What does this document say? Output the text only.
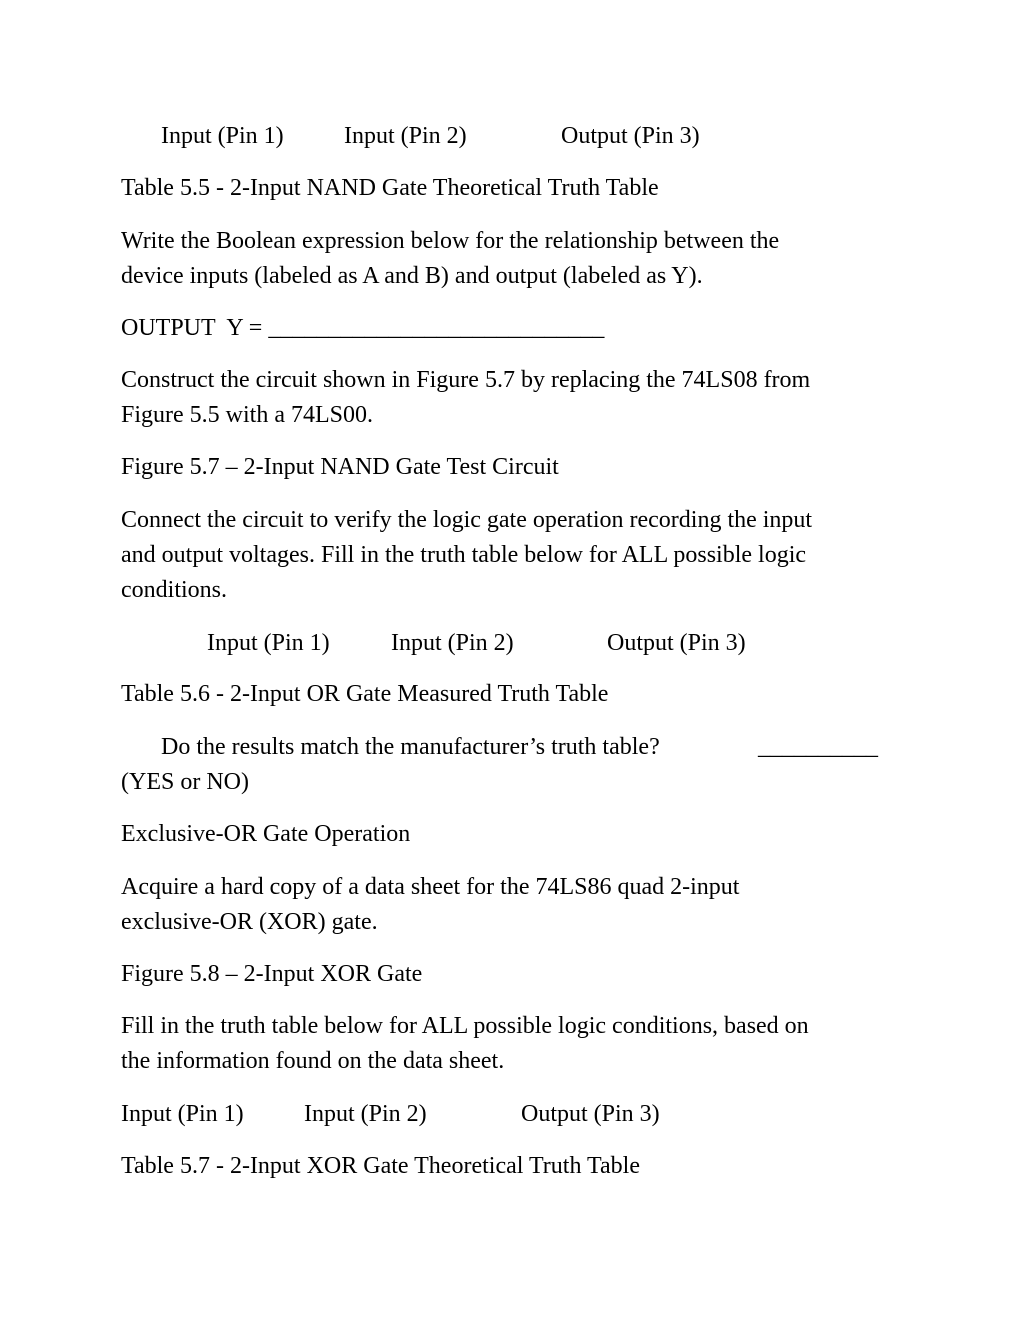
Input (Pin 1)	Input (Pin 2)	Output (Pin 3)
Table 5.5 - 2-Input NAND Gate Theoretical Truth Table
Write the Boolean expression below for the relationship between the
device inputs (labeled as A and B) and output (labeled as Y).
OUTPUT  Y = ____________________________
Construct the circuit shown in Figure 5.7 by replacing the 74LS08 from
Figure 5.5 with a 74LS00.
Figure 5.7 – 2-Input NAND Gate Test Circuit
Connect the circuit to verify the logic gate operation recording the input
and output voltages. Fill in the truth table below for ALL possible logic
conditions.
Input (Pin 1)	Input (Pin 2)	Output (Pin 3)
Table 5.6 - 2-Input OR Gate Measured Truth Table
Do the results match the manufacturer’s truth table?	__________
(YES or NO)
Exclusive-OR Gate Operation
Acquire a hard copy of a data sheet for the 74LS86 quad 2-input
exclusive-OR (XOR) gate.
Figure 5.8 – 2-Input XOR Gate
Fill in the truth table below for ALL possible logic conditions, based on
the information found on the data sheet.
Input (Pin 1)	Input (Pin 2)	Output (Pin 3)
Table 5.7 - 2-Input XOR Gate Theoretical Truth Table
